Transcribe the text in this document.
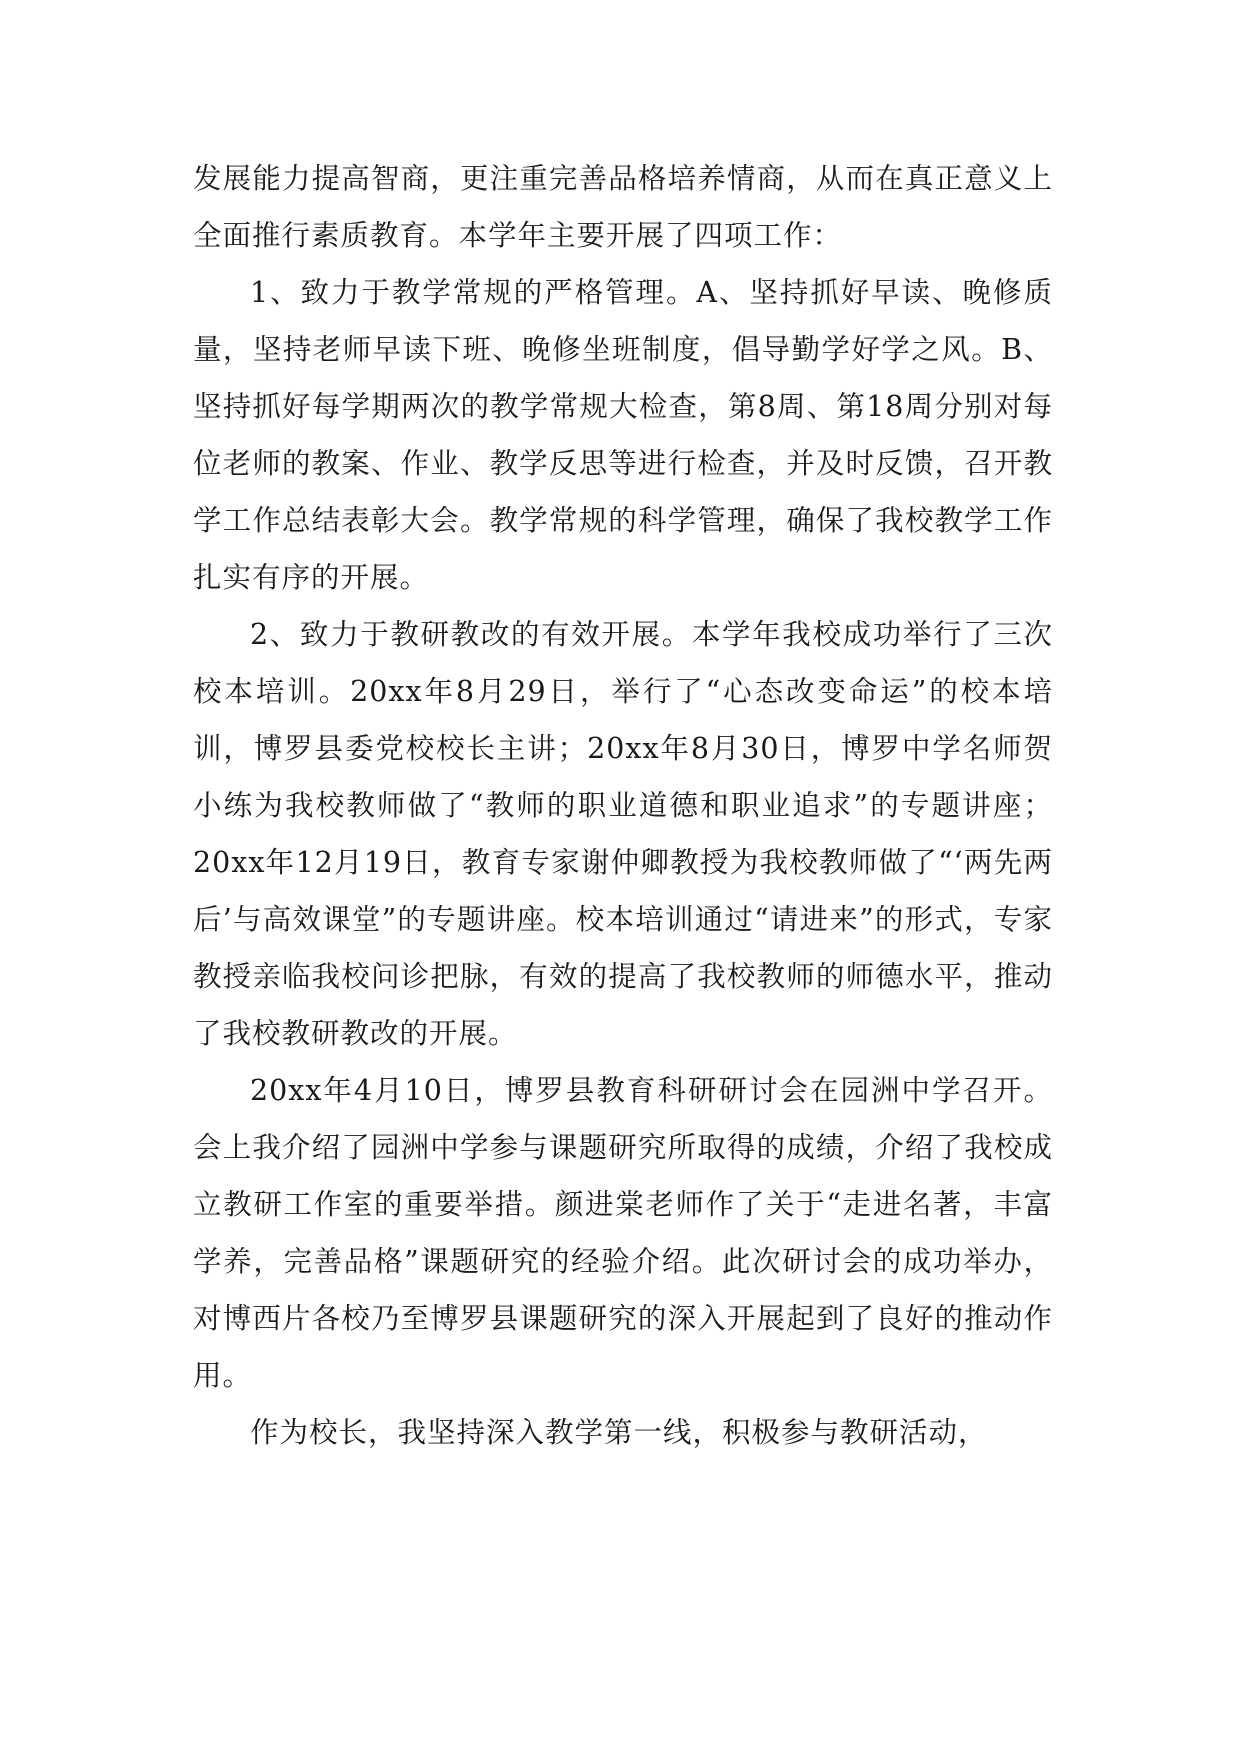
发展能力提高智商，更注重完善品格培养情商，从而在真正意义上全面推行素质教育。本学年主要开展了四项工作：

1、致力于教学常规的严格管理。A、坚持抓好早读、晚修质量，坚持老师早读下班、晚修坐班制度，倡导勤学好学之风。B、坚持抓好每学期两次的教学常规大检查，第8周、第18周分别对每位老师的教案、作业、教学反思等进行检查，并及时反馈，召开教学工作总结表彰大会。教学常规的科学管理，确保了我校教学工作扎实有序的开展。

2、致力于教研教改的有效开展。本学年我校成功举行了三次校本培训。20xx年8月29日，举行了“心态改变命运”的校本培训，博罗县委党校校长主讲；20xx年8月30日，博罗中学名师贺小练为我校教师做了“教师的职业道德和职业追求”的专题讲座；20xx年12月19日，教育专家谢仲卿教授为我校教师做了“‘两先两后’与高效课堂”的专题讲座。校本培训通过“请进来”的形式，专家教授亲临我校问诊把脉，有效的提高了我校教师的师德水平，推动了我校教研教改的开展。

20xx年4月10日，博罗县教育科研研讨会在园洲中学召开。会上我介绍了园洲中学参与课题研究所取得的成绩，介绍了我校成立教研工作室的重要举措。颜进棠老师作了关于“走进名著，丰富学养，完善品格”课题研究的经验介绍。此次研讨会的成功举办，对博西片各校乃至博罗县课题研究的深入开展起到了良好的推动作用。

作为校长，我坚持深入教学第一线，积极参与教研活动，
